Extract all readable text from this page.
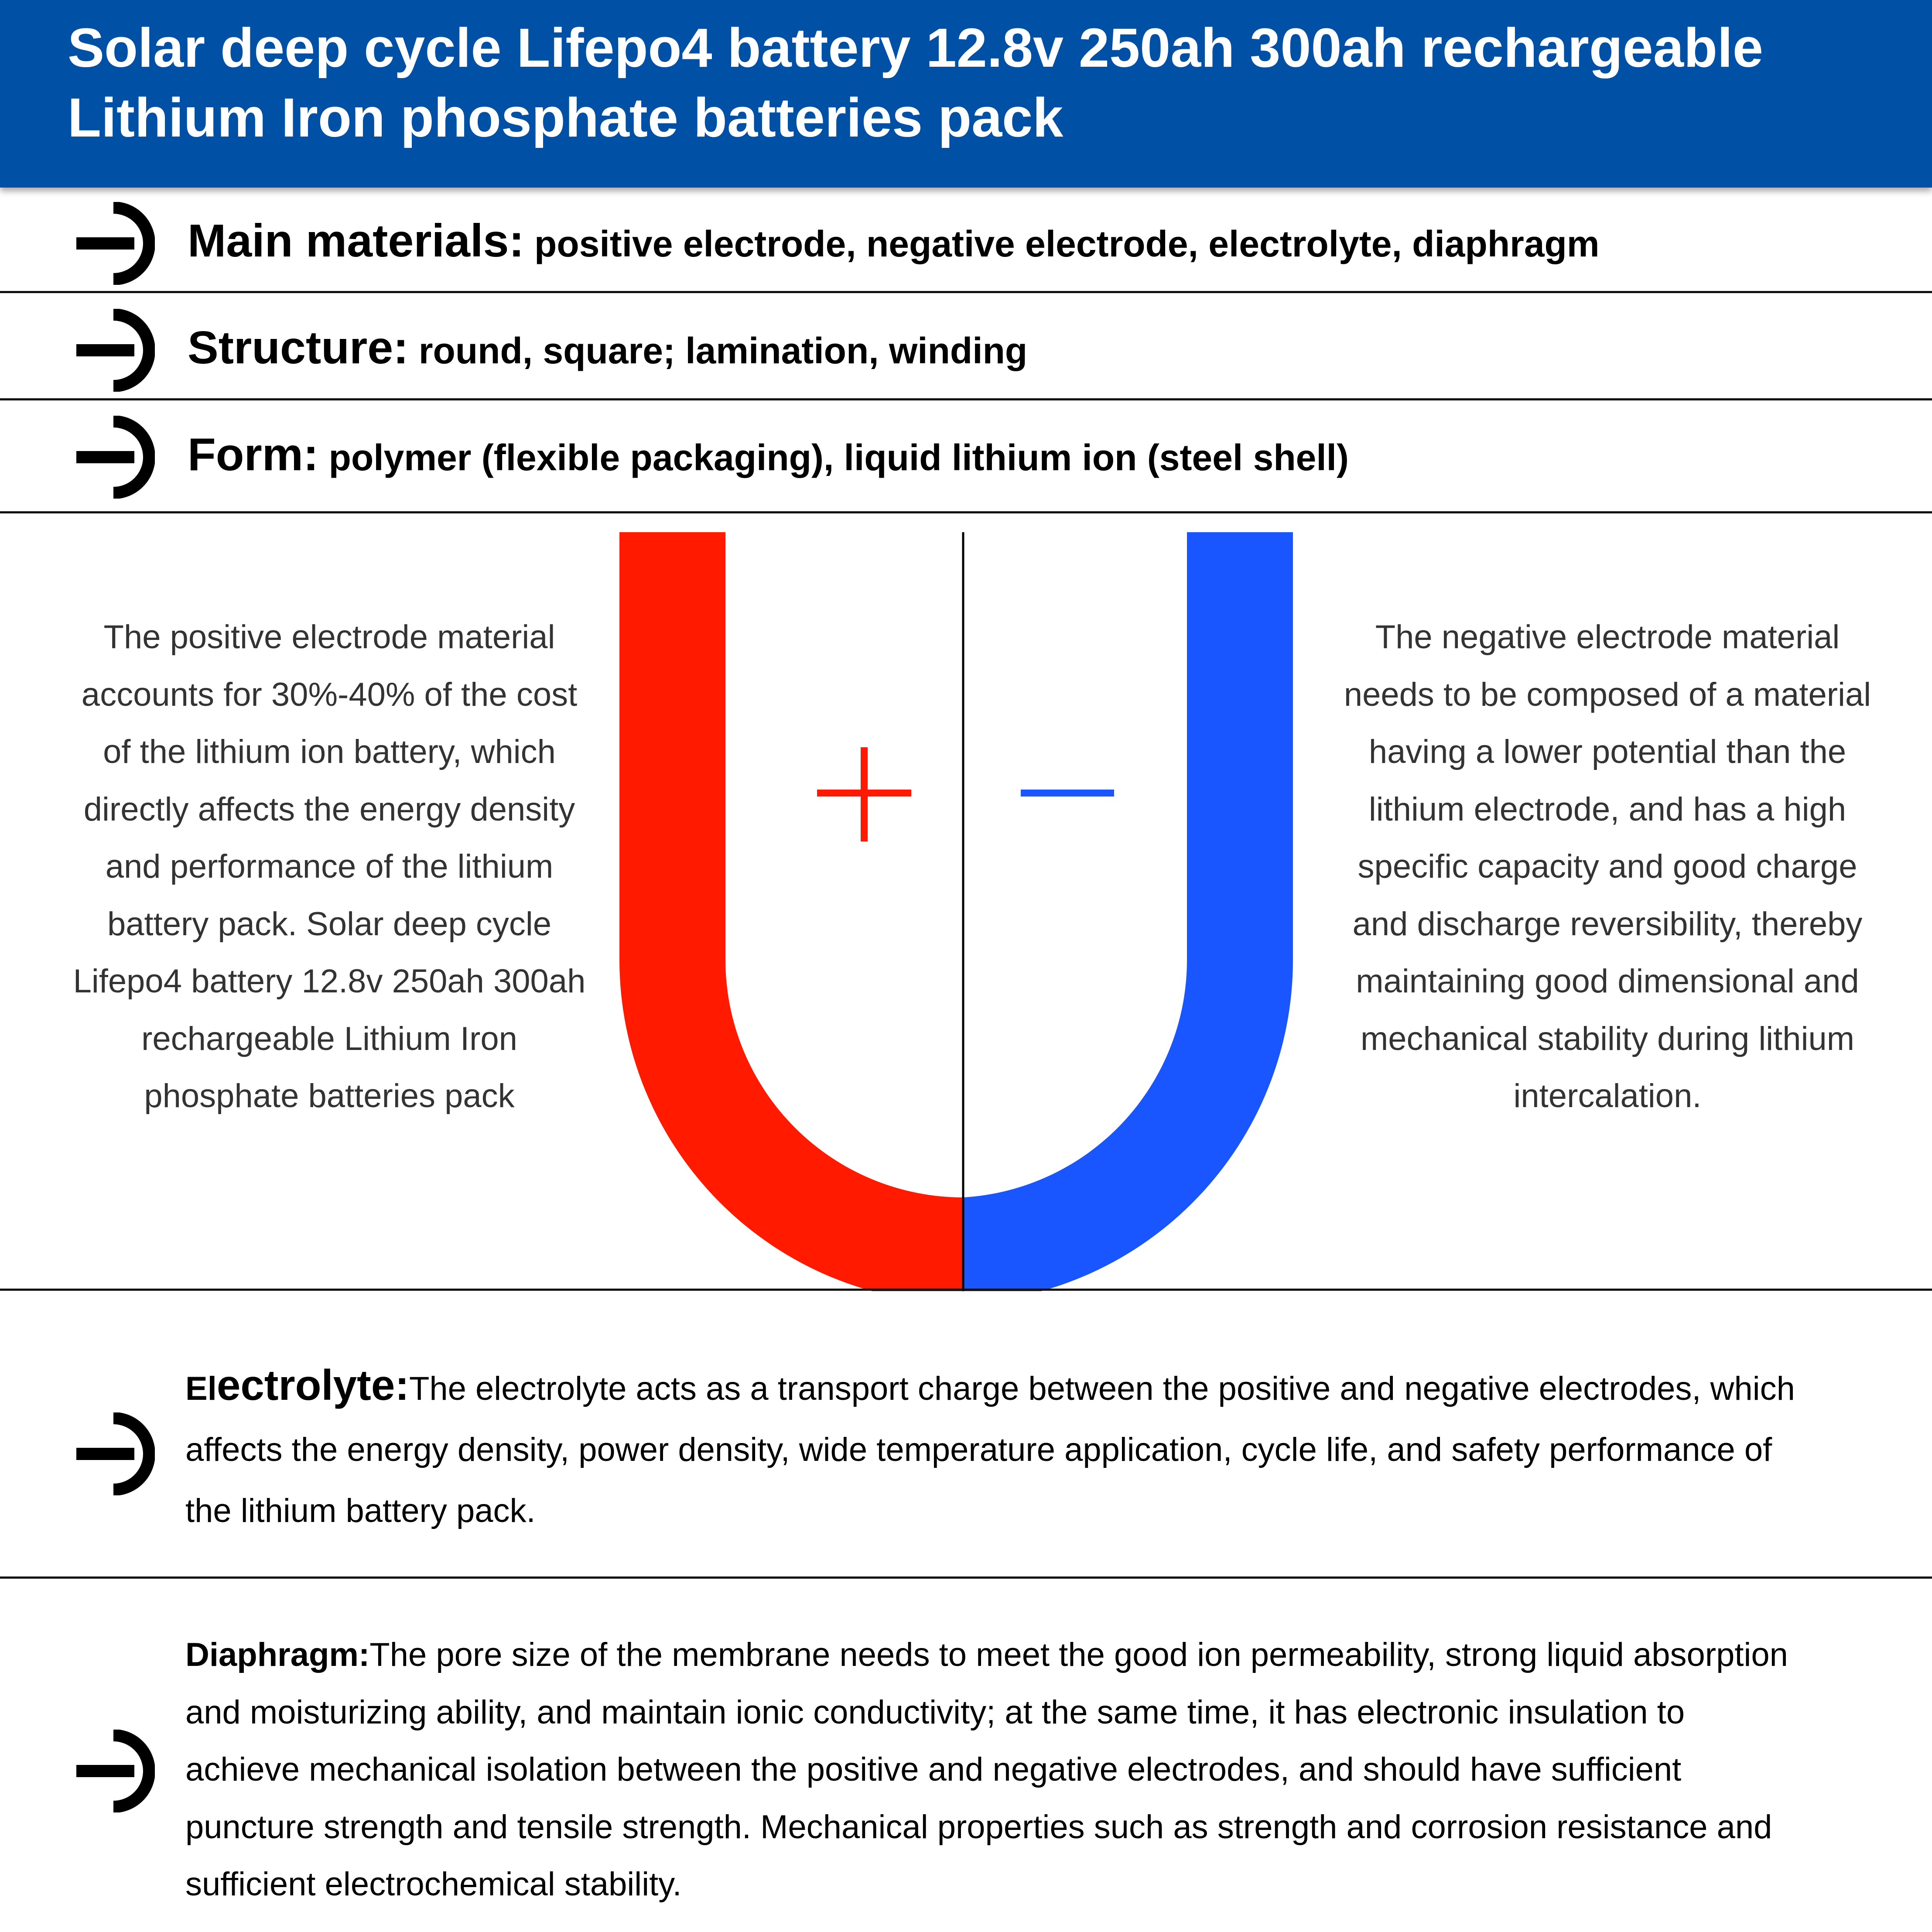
Solar deep cycle Lifepo4 battery 12.8v 250ah 300ah rechargeable
Lithium Iron phosphate batteries pack
Main materials: positive electrode, negative electrode, electrolyte, diaphragm
Structure: round, square; lamination, winding
Form: polymer (flexible packaging), liquid lithium ion (steel shell)
The positive electrode material accounts for 30%-40% of the cost of the lithium ion battery, which directly affects the energy density and performance of the lithium battery pack. Solar deep cycle Lifepo4 battery 12.8v 250ah 300ah rechargeable Lithium Iron phosphate batteries pack
The negative electrode material needs to be composed of a material having a lower potential than the lithium electrode, and has a high specific capacity and good charge and discharge reversibility, thereby maintaining good dimensional and mechanical stability during lithium intercalation.
Electrolyte:The electrolyte acts as a transport charge between the positive and negative electrodes, which affects the energy density, power density, wide temperature application, cycle life, and safety performance of the lithium battery pack.
Diaphragm:The pore size of the membrane needs to meet the good ion permeability, strong liquid absorption and moisturizing ability, and maintain ionic conductivity; at the same time, it has electronic insulation to achieve mechanical isolation between the positive and negative electrodes, and should have sufficient puncture strength and tensile strength. Mechanical properties such as strength and corrosion resistance and sufficient electrochemical stability.
